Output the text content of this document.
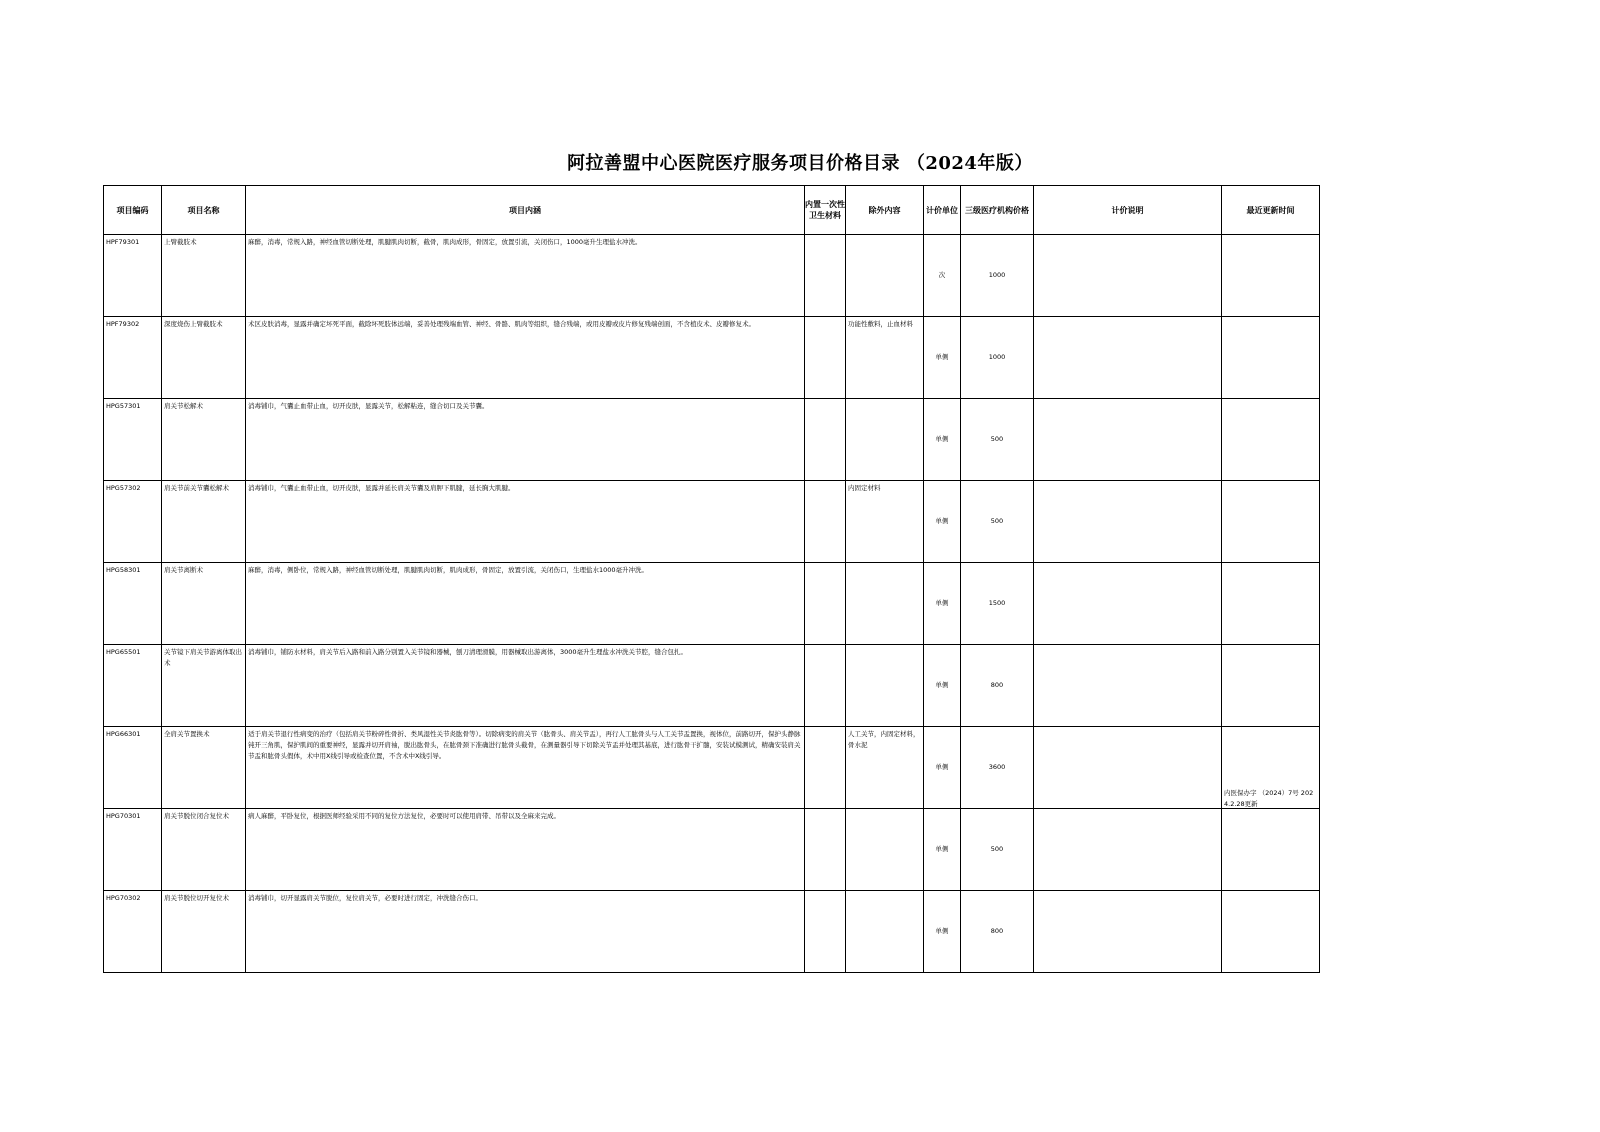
阿拉善盟中心医院医疗服务项目价格目录 （2024年版）
项目编码	项目名称	项目内涵	内置一次性卫生材料	除外内容	计价单位	三级医疗机构价格	计价说明	最近更新时间
HPF79301	上臂截肢术	麻醉，消毒，常规入路，神经血管切断处理，肌腱肌肉切断，截骨，肌肉成形，骨固定，放置引流，关闭伤口，1000毫升生理盐水冲洗。			次	1000		

HPF79302	深度烧伤上臂截肢术	术区皮肤消毒，显露并确定坏死平面，截除坏死肢体远端，妥善处理残端血管、神经、骨骼、肌肉等组织，缝合残端，或用皮瓣或皮片修复残端创面，不含植皮术、皮瓣修复术。		功能性敷料，止血材料	单侧	1000		

HPG57301	肩关节松解术	消毒铺巾，气囊止血带止血，切开皮肤，显露关节，松解粘连，缝合切口及关节囊。			单侧	500		

HPG57302	肩关节前关节囊松解术	消毒铺巾，气囊止血带止血，切开皮肤，显露并延长肩关节囊及肩胛下肌腱，延长胸大肌腱。		内固定材料	单侧	500		

HPG58301	肩关节离断术	麻醉，消毒，侧卧位，常规入路，神经血管切断处理，肌腱肌肉切断，肌肉成形，骨固定，放置引流，关闭伤口，生理盐水1000毫升冲洗。			单侧	1500		

HPG65501	关节镜下肩关节游离体取出术	消毒铺巾，铺防水材料，肩关节后入路和前入路分别置入关节镜和器械，刨刀清理滑膜，用器械取出游离体，3000毫升生理盐水冲洗关节腔，缝合包扎。			单侧	800		

HPG66301	全肩关节置换术	适于肩关节退行性病变的治疗（包括肩关节粉碎性骨折、类风湿性关节炎肱骨等）。切除病变的肩关节（肱骨头、肩关节盂），再行人工肱骨头与人工关节盂置换，视体位，前路切开，保护头静脉钝开三角肌，保护肌间的重要神经，显露并切开肩袖，脱出肱骨头，在肱骨颈下准确进行肱骨头截骨，在测量器引导下切除关节盂并处理其基底，进行肱骨干扩髓，安装试模测试，精确安装肩关节盂和肱骨头假体，术中用X线引导或检查位置，不含术中X线引导。		人工关节，内固定材料，骨水泥	单侧	3600		内医保办字 （2024）7号 2024.2.28更新

HPG70301	肩关节脱位闭合复位术	病人麻醉，平卧复位，根据医师经验采用不同的复位方法复位，必要时可以使用肩带、吊带以及全麻来完成。			单侧	500		

HPG70302	肩关节脱位切开复位术	消毒铺巾，切开显露肩关节脱位，复位肩关节，必要时进行固定，冲洗缝合伤口。			单侧	800		
